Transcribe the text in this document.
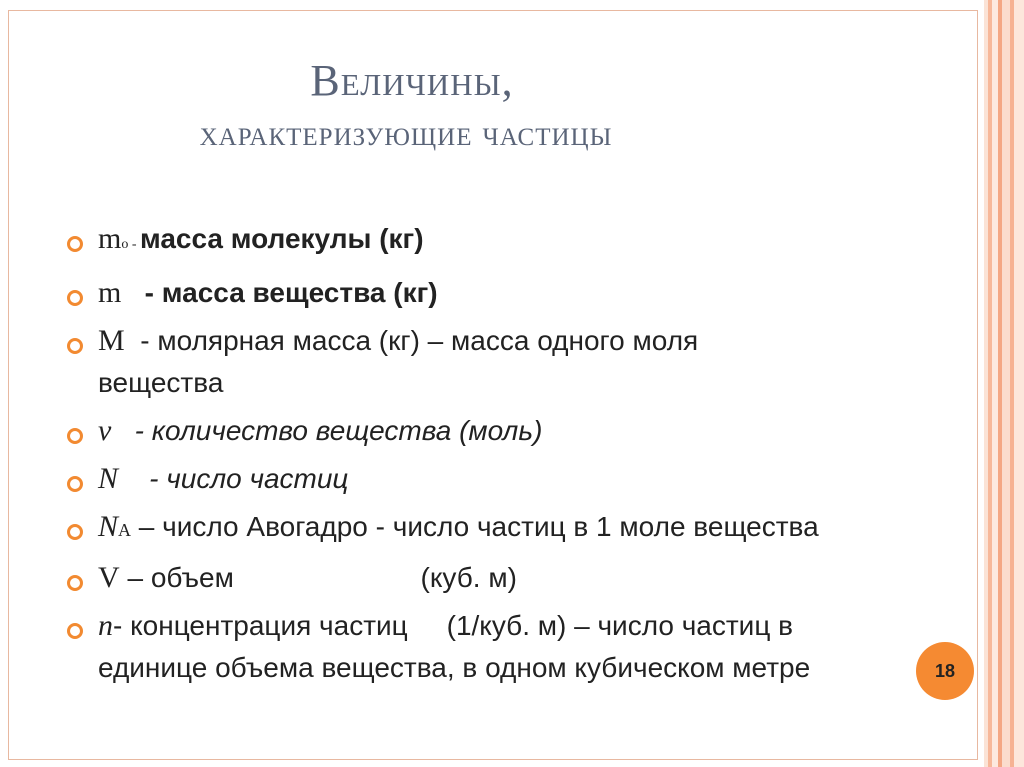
Величины,
характеризующие частицы
mo - масса молекулы (кг)
m   - масса вещества (кг)
M  - молярная масса (кг) – масса одного моля
вещества
ν   - количество вещества (моль)
N    - число частиц
NA – число Авогадро - число частиц в 1 моле вещества
V – объем                        (куб. м)
n- концентрация частиц     (1/куб. м) – число частиц в
единице объема вещества, в одном кубическом метре	18
